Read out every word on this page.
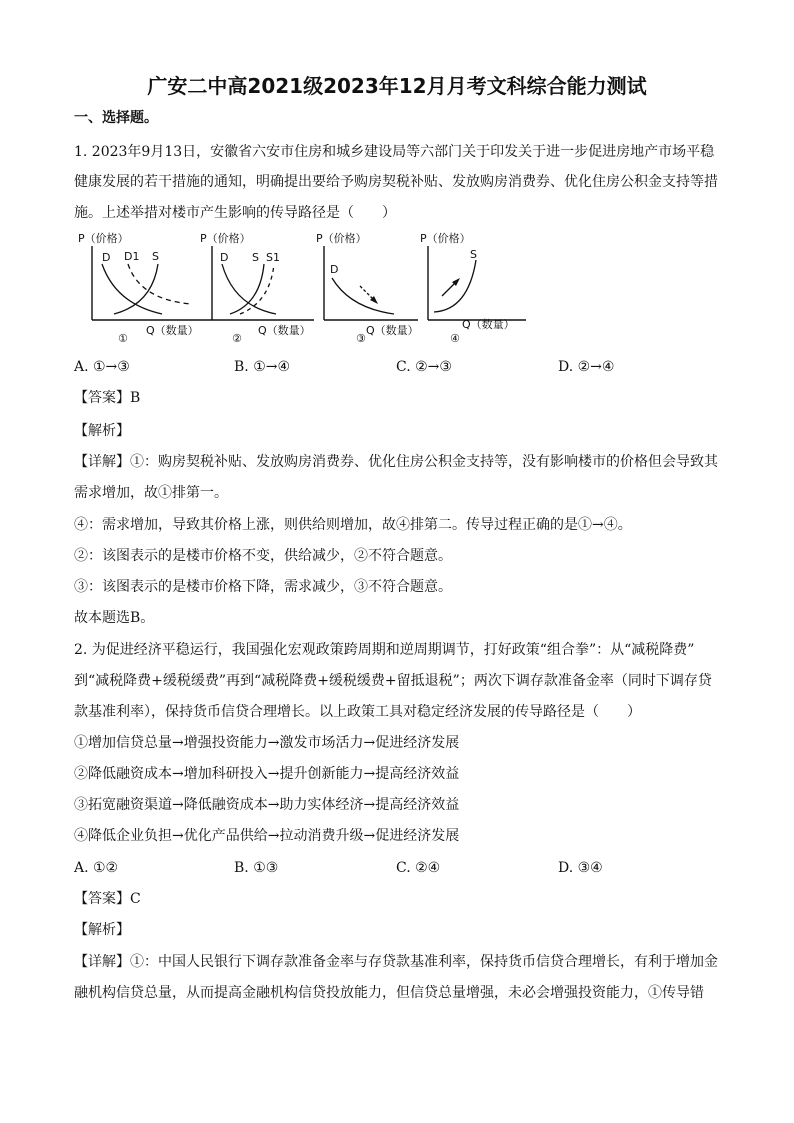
广安二中高2021级2023年12月月考文科综合能力测试
一、选择题。
1. 2023年9月13日，安徽省六安市住房和城乡建设局等六部门关于印发关于进一步促进房地产市场平稳
健康发展的若干措施的通知，明确提出要给予购房契税补贴、发放购房消费券、优化住房公积金支持等措
施。上述举措对楼市产生影响的传导路径是（　　）
P（价格）
D D1 S
Q（数量）
①
P（价格）
D S S1
Q（数量）
②
P（价格）
D
Q（数量）
③
P（价格）
S
Q（数量）
④
A. ①→③	B. ①→④	C. ②→③	D. ②→④
【答案】B
【解析】
【详解】①：购房契税补贴、发放购房消费券、优化住房公积金支持等，没有影响楼市的价格但会导致其
需求增加，故①排第一。
④：需求增加，导致其价格上涨，则供给则增加，故④排第二。传导过程正确的是①→④。
②：该图表示的是楼市价格不变，供给减少，②不符合题意。
③：该图表示的是楼市价格下降，需求减少，③不符合题意。
故本题选B。
2. 为促进经济平稳运行，我国强化宏观政策跨周期和逆周期调节，打好政策“组合拳”：从“减税降费”
到“减税降费+缓税缓费”再到“减税降费+缓税缓费+留抵退税”；两次下调存款准备金率（同时下调存贷
款基准利率），保持货币信贷合理增长。以上政策工具对稳定经济发展的传导路径是（　　）
①增加信贷总量→增强投资能力→激发市场活力→促进经济发展
②降低融资成本→增加科研投入→提升创新能力→提高经济效益
③拓宽融资渠道→降低融资成本→助力实体经济→提高经济效益
④降低企业负担→优化产品供给→拉动消费升级→促进经济发展
A. ①②	B. ①③	C. ②④	D. ③④
【答案】C
【解析】
【详解】①：中国人民银行下调存款准备金率与存贷款基准利率，保持货币信贷合理增长，有利于增加金
融机构信贷总量，从而提高金融机构信贷投放能力，但信贷总量增强，未必会增强投资能力，①传导错
